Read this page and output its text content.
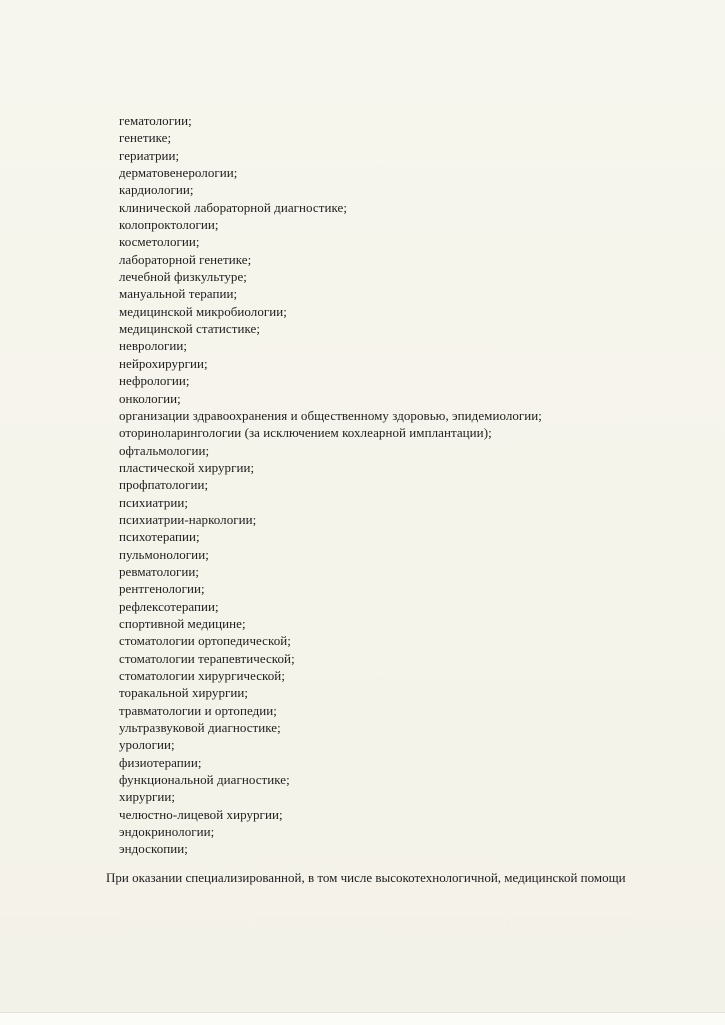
гематологии;
генетике;
гериатрии;
дерматовенерологии;
кардиологии;
клинической лабораторной диагностике;
колопроктологии;
косметологии;
лабораторной генетике;
лечебной физкультуре;
мануальной терапии;
медицинской микробиологии;
медицинской статистике;
неврологии;
нейрохирургии;
нефрологии;
онкологии;
организации здравоохранения и общественному здоровью, эпидемиологии;
оториноларингологии (за исключением кохлеарной имплантации);
офтальмологии;
пластической хирургии;
профпатологии;
психиатрии;
психиатрии-наркологии;
психотерапии;
пульмонологии;
ревматологии;
рентгенологии;
рефлексотерапии;
спортивной медицине;
стоматологии ортопедической;
стоматологии терапевтической;
стоматологии хирургической;
торакальной хирургии;
травматологии и ортопедии;
ультразвуковой диагностике;
урологии;
физиотерапии;
функциональной диагностике;
хирургии;
челюстно-лицевой хирургии;
эндокринологии;
эндоскопии;

При оказании специализированной, в том числе высокотехнологичной, медицинской помощи
